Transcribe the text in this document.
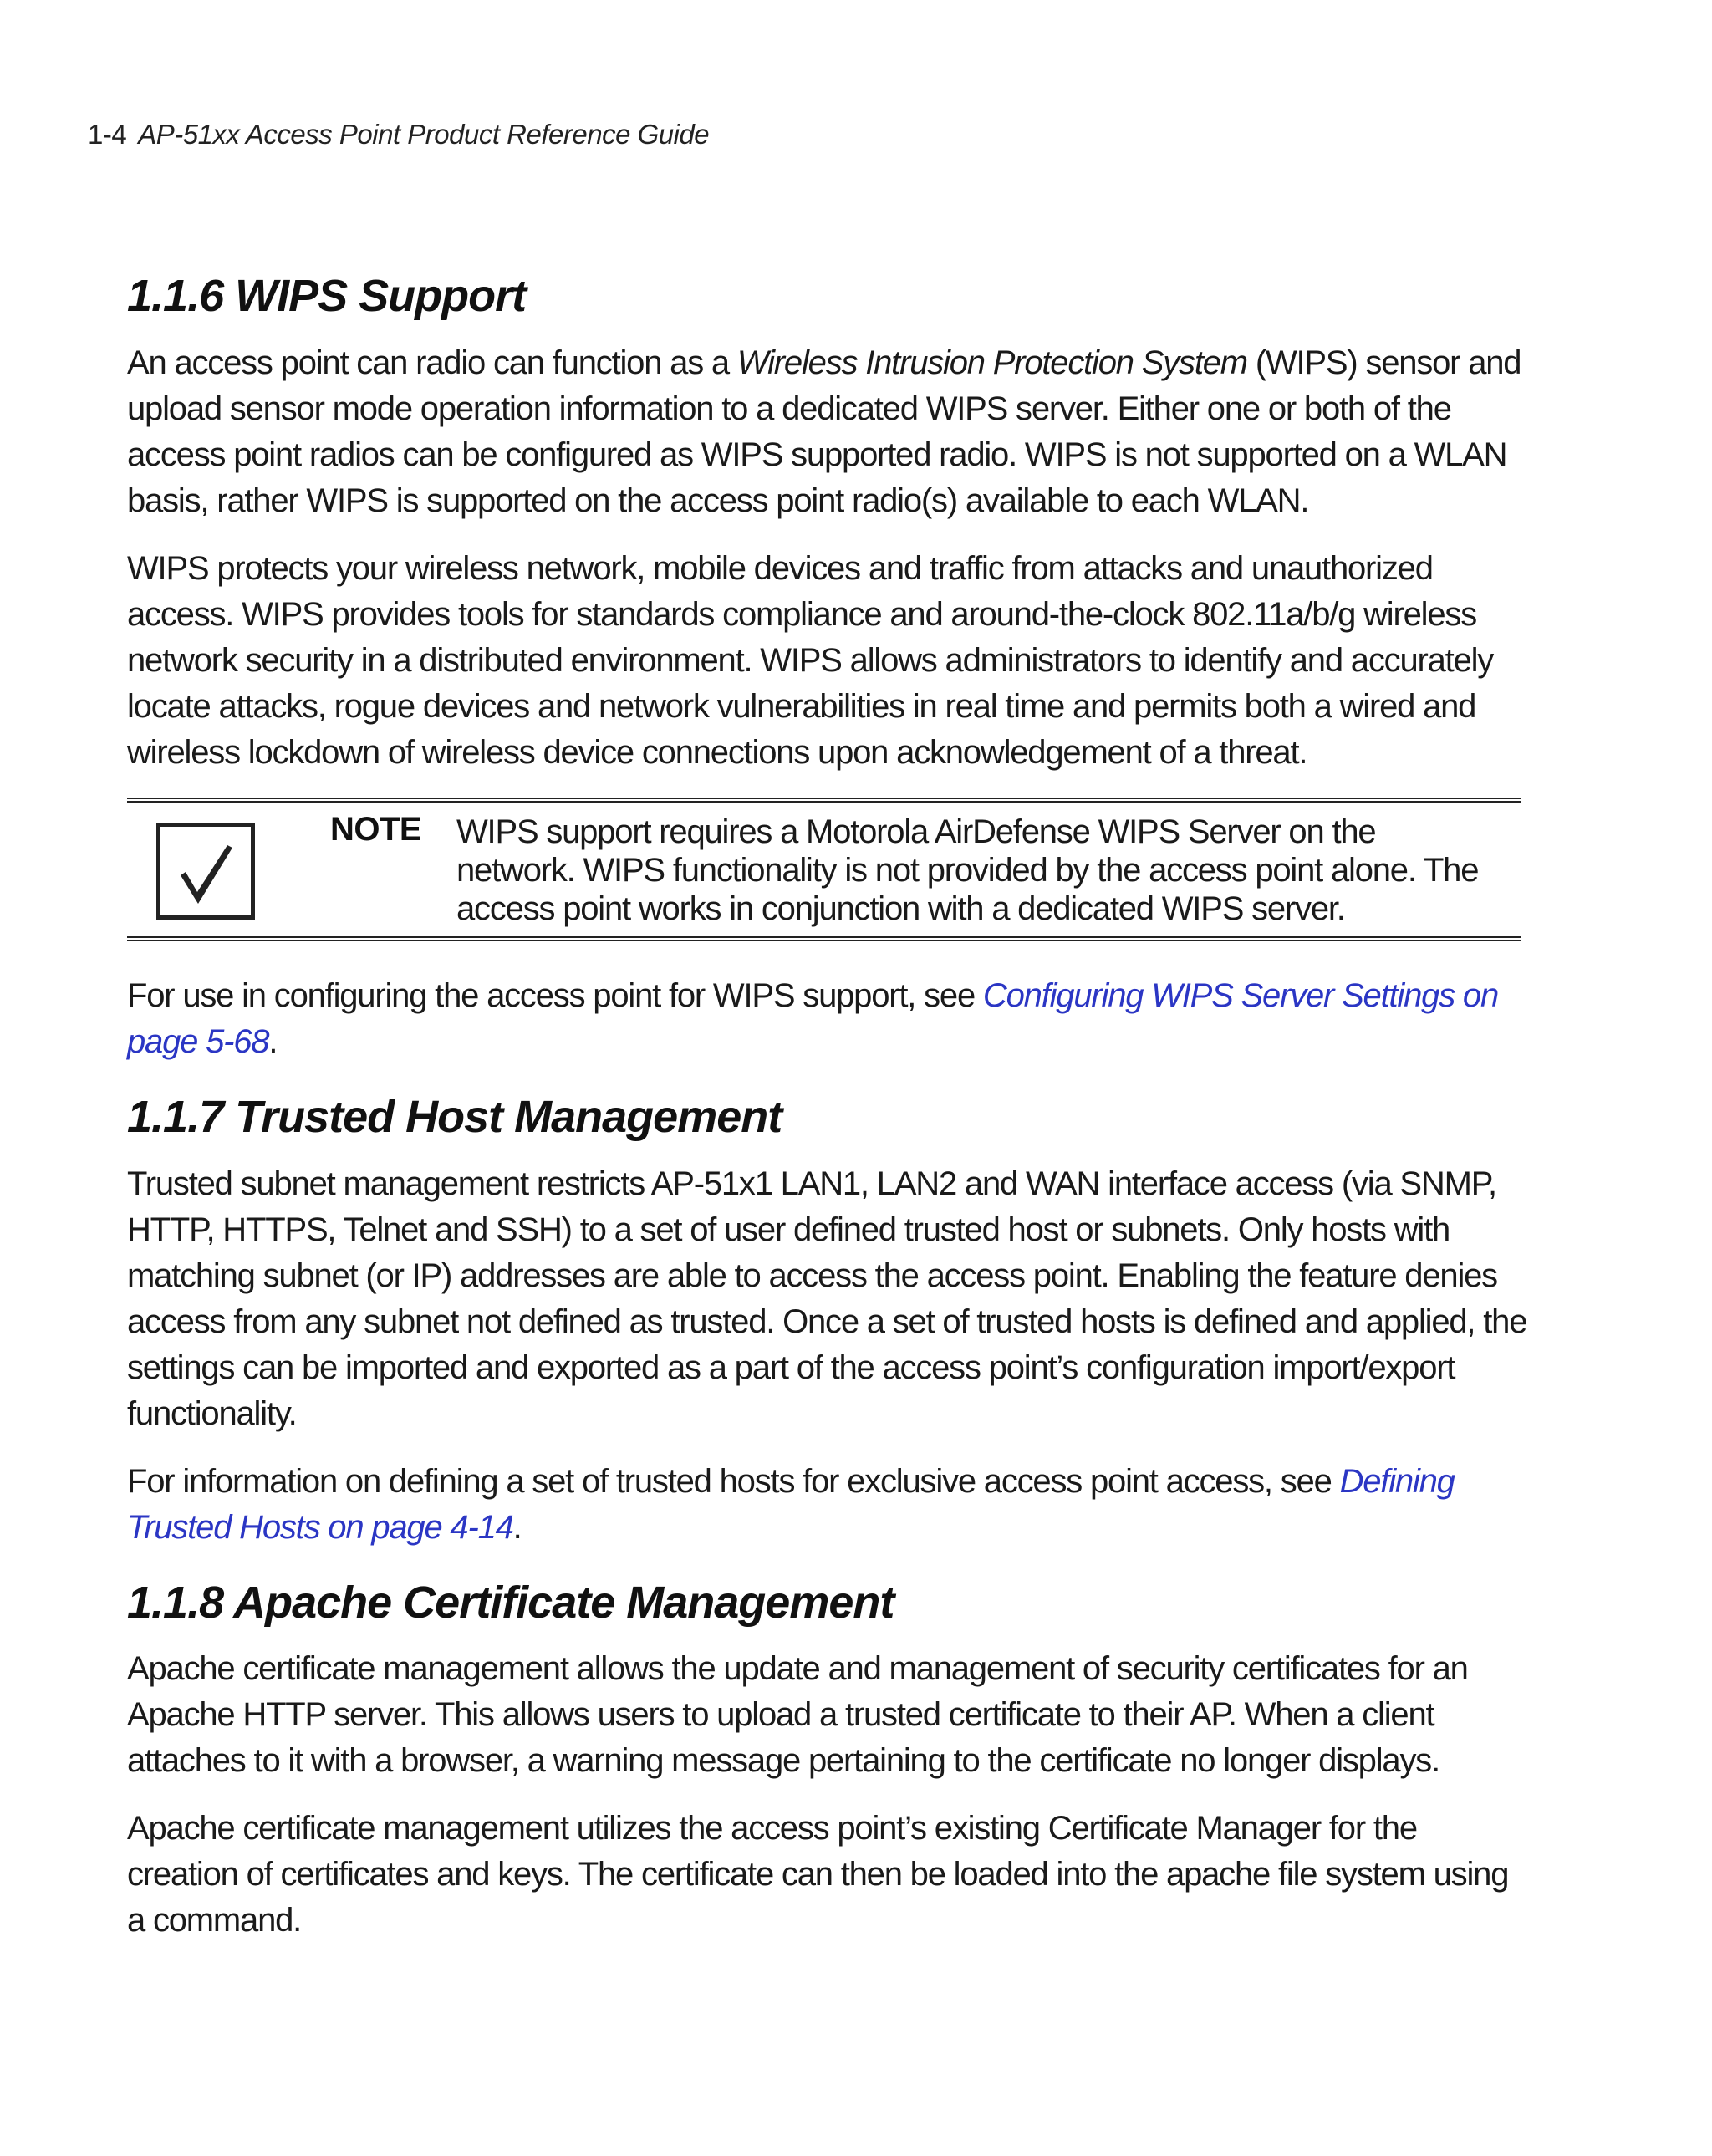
1-4 AP-51xx Access Point Product Reference Guide
1.1.6 WIPS Support

An access point can radio can function as a Wireless Intrusion Protection System (WIPS) sensor and upload sensor mode operation information to a dedicated WIPS server. Either one or both of the access point radios can be configured as WIPS supported radio. WIPS is not supported on a WLAN basis, rather WIPS is supported on the access point radio(s) available to each WLAN.

WIPS protects your wireless network, mobile devices and traffic from attacks and unauthorized access. WIPS provides tools for standards compliance and around-the-clock 802.11a/b/g wireless network security in a distributed environment. WIPS allows administrators to identify and accurately locate attacks, rogue devices and network vulnerabilities in real time and permits both a wired and wireless lockdown of wireless device connections upon acknowledgement of a threat.

NOTE WIPS support requires a Motorola AirDefense WIPS Server on the network. WIPS functionality is not provided by the access point alone. The access point works in conjunction with a dedicated WIPS server.

For use in configuring the access point for WIPS support, see Configuring WIPS Server Settings on page 5-68.

1.1.7 Trusted Host Management

Trusted subnet management restricts AP-51x1 LAN1, LAN2 and WAN interface access (via SNMP, HTTP, HTTPS, Telnet and SSH) to a set of user defined trusted host or subnets. Only hosts with matching subnet (or IP) addresses are able to access the access point. Enabling the feature denies access from any subnet not defined as trusted. Once a set of trusted hosts is defined and applied, the settings can be imported and exported as a part of the access point’s configuration import/export functionality.

For information on defining a set of trusted hosts for exclusive access point access, see Defining Trusted Hosts on page 4-14.

1.1.8 Apache Certificate Management

Apache certificate management allows the update and management of security certificates for an Apache HTTP server. This allows users to upload a trusted certificate to their AP. When a client attaches to it with a browser, a warning message pertaining to the certificate no longer displays.

Apache certificate management utilizes the access point’s existing Certificate Manager for the creation of certificates and keys. The certificate can then be loaded into the apache file system using a command.
